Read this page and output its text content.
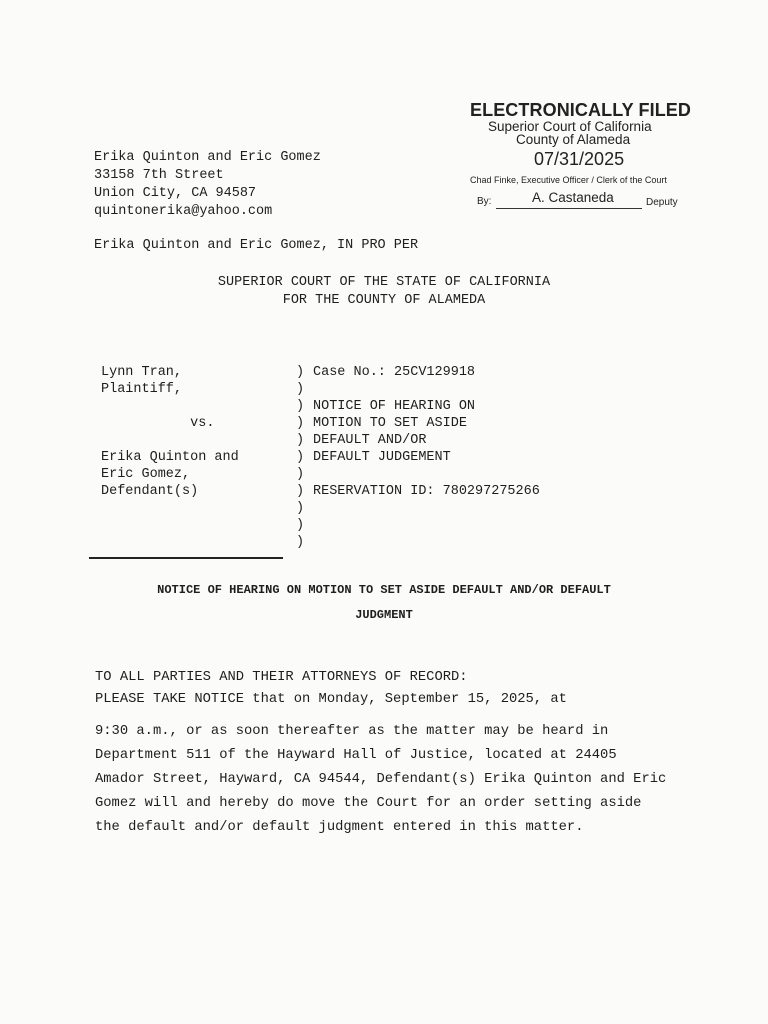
ELECTRONICALLY FILED
Superior Court of California
County of Alameda
07/31/2025
Chad Finke, Executive Officer / Clerk of the Court
By:	A. Castaneda	Deputy
Erika Quinton and Eric Gomez
33158 7th Street
Union City, CA 94587
quintonerika@yahoo.com
Erika Quinton and Eric Gomez, IN PRO PER
SUPERIOR COURT OF THE STATE OF CALIFORNIA
FOR THE COUNTY OF ALAMEDA
Lynn Tran,
Plaintiff,
vs.
Erika Quinton and
Eric Gomez,
Defendant(s)
)
)
)
)
)
)
)
)
)
)
)
Case No.: 25CV129918
NOTICE OF HEARING ON
MOTION TO SET ASIDE
DEFAULT AND/OR
DEFAULT JUDGEMENT
RESERVATION ID: 780297275266
NOTICE OF HEARING ON MOTION TO SET ASIDE DEFAULT AND/OR DEFAULT
JUDGMENT
TO ALL PARTIES AND THEIR ATTORNEYS OF RECORD:
PLEASE TAKE NOTICE that on Monday, September 15, 2025, at
9:30 a.m., or as soon thereafter as the matter may be heard in
Department 511 of the Hayward Hall of Justice, located at 24405
Amador Street, Hayward, CA 94544, Defendant(s) Erika Quinton and Eric
Gomez will and hereby do move the Court for an order setting aside
the default and/or default judgment entered in this matter.
